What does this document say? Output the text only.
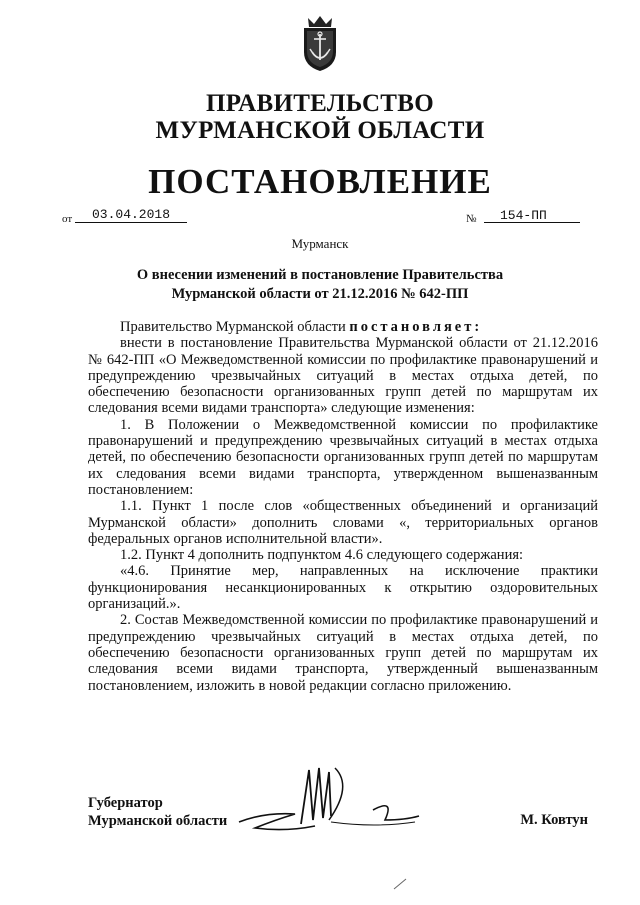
ПРАВИТЕЛЬСТВО
МУРМАНСКОЙ ОБЛАСТИ
ПОСТАНОВЛЕНИЕ
от 03.04.2018	№ 154-ПП
Мурманск
О внесении изменений в постановление Правительства
Мурманской области от 21.12.2016 № 642-ПП

Правительство Мурманской области постановляет:

внести в постановление Правительства Мурманской области от 21.12.2016 № 642-ПП «О Межведомственной комиссии по профилактике правонарушений и предупреждению чрезвычайных ситуаций в местах отдыха детей, по обеспечению безопасности организованных групп детей по маршрутам их следования всеми видами транспорта» следующие изменения:

1. В Положении о Межведомственной комиссии по профилактике правонарушений и предупреждению чрезвычайных ситуаций в местах отдыха детей, по обеспечению безопасности организованных групп детей по маршрутам их следования всеми видами транспорта, утвержденном вышеназванным постановлением:

1.1. Пункт 1 после слов «общественных объединений и организаций Мурманской области» дополнить словами «, территориальных органов федеральных органов исполнительной власти».

1.2. Пункт 4 дополнить подпунктом 4.6 следующего содержания:

«4.6. Принятие мер, направленных на исключение практики функционирования несанкционированных к открытию оздоровительных организаций.».

2. Состав Межведомственной комиссии по профилактике правонарушений и предупреждению чрезвычайных ситуаций в местах отдыха детей, по обеспечению безопасности организованных групп детей по маршрутам их следования всеми видами транспорта, утвержденный вышеназванным постановлением, изложить в новой редакции согласно приложению.

Губернатор
Мурманской области	М. Ковтун
